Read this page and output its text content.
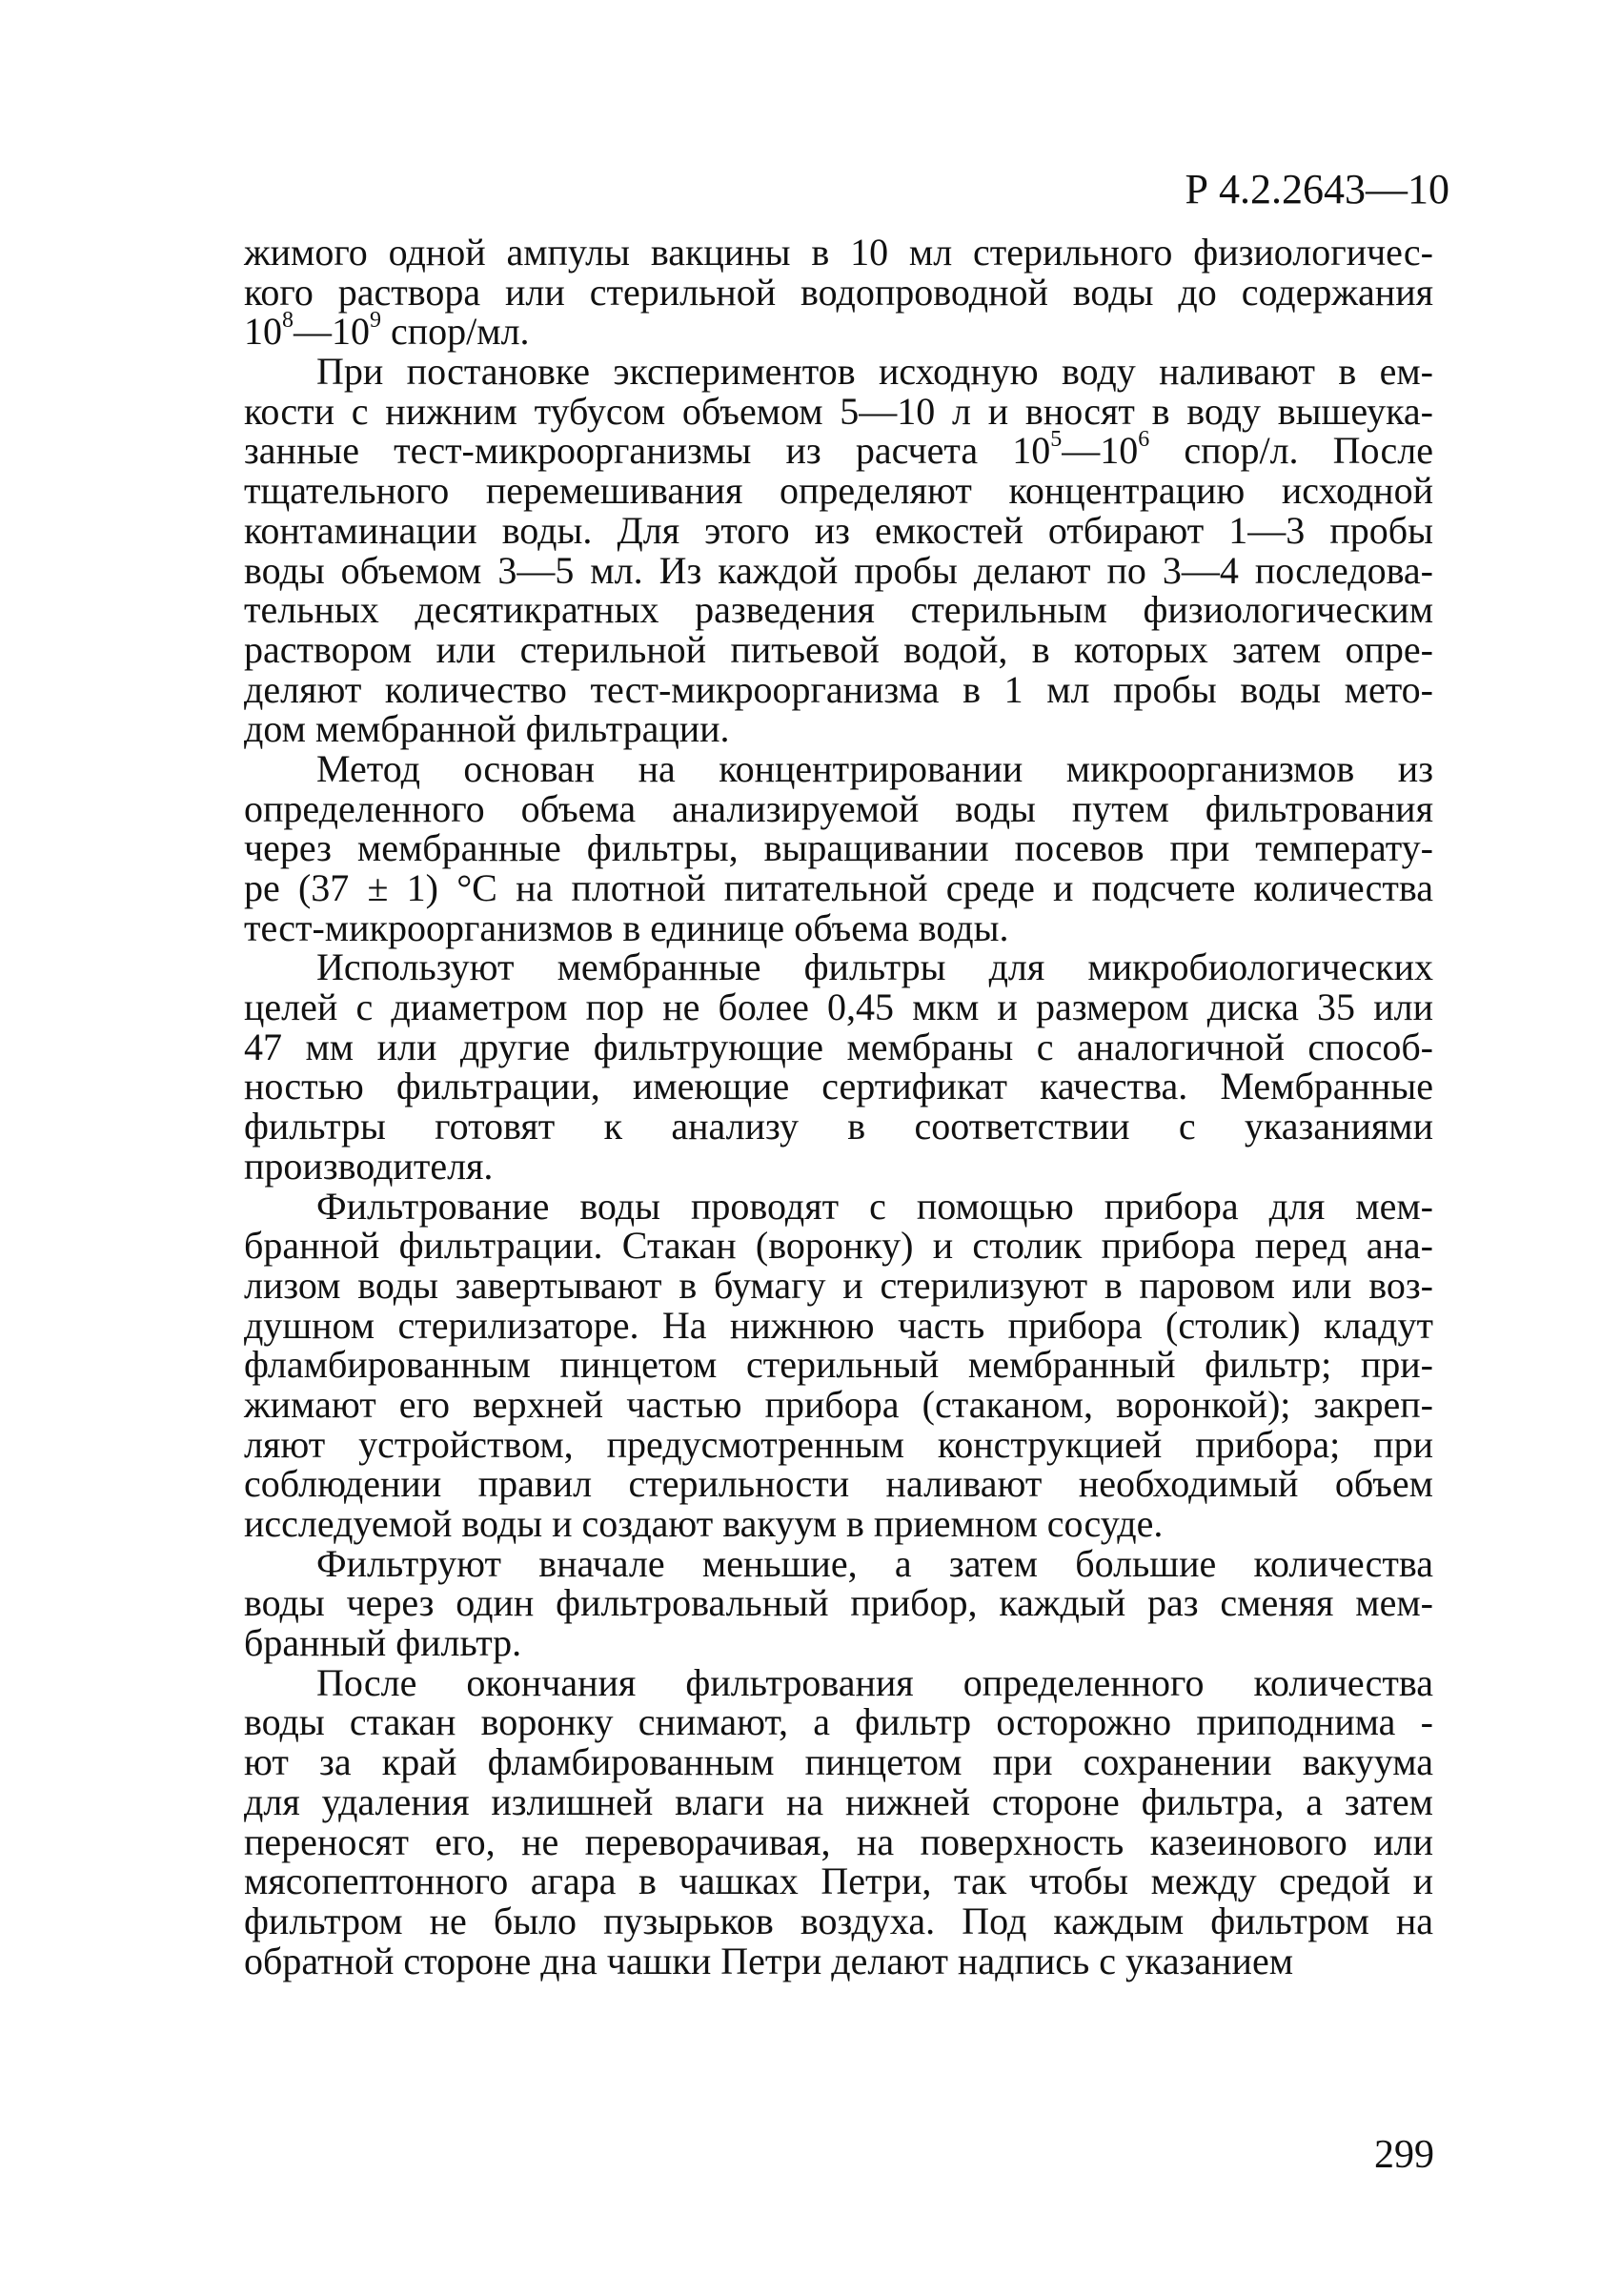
Р 4.2.2643—10
жимого одной ампулы вакцины в 10 мл стерильного физиологичес-
кого раствора или стерильной водопроводной воды до содержания
$10^8—10^9$ спор/мл.
При постановке экспериментов исходную воду наливают в ем-
кости с нижним тубусом объемом 5—10 л и вносят в воду вышеука-
занные тест-микроорганизмы из расчета $10^5—10^6$ спор/л. После
тщательного перемешивания определяют концентрацию исходной
контаминации воды. Для этого из емкостей отбирают 1—3 пробы
воды объемом 3—5 мл. Из каждой пробы делают по 3—4 последова-
тельных десятикратных разведения стерильным физиологическим
раствором или стерильной питьевой водой, в которых затем опре-
деляют количество тест-микроорганизма в 1 мл пробы воды мето-
дом мембранной фильтрации.
Метод основан на концентрировании микроорганизмов из
определенного объема анализируемой воды путем фильтрования
через мембранные фильтры, выращивании посевов при температу-
ре (37 ± 1) °С на плотной питательной среде и подсчете количества
тест-микроорганизмов в единице объема воды.
Используют мембранные фильтры для микробиологических
целей с диаметром пор не более 0,45 мкм и размером диска 35 или
47 мм или другие фильтрующие мембраны с аналогичной способ-
ностью фильтрации, имеющие сертификат качества. Мембранные
фильтры готовят к анализу в соответствии с указаниями
производителя.
Фильтрование воды проводят с помощью прибора для мем-
бранной фильтрации. Стакан (воронку) и столик прибора перед ана-
лизом воды завертывают в бумагу и стерилизуют в паровом или воз-
душном стерилизаторе. На нижнюю часть прибора (столик) кладут
фламбированным пинцетом стерильный мембранный фильтр; при-
жимают его верхней частью прибора (стаканом, воронкой); закреп-
ляют устройством, предусмотренным конструкцией прибора; при
соблюдении правил стерильности наливают необходимый объем
исследуемой воды и создают вакуум в приемном сосуде.
Фильтруют вначале меньшие, а затем большие количества
воды через один фильтровальный прибор, каждый раз сменяя мем-
бранный фильтр.
После окончания фильтрования определенного количества
воды стакан воронку снимают, а фильтр осторожно приподнима -
ют за край фламбированным пинцетом при сохранении вакуума
для удаления излишней влаги на нижней стороне фильтра, а затем
переносят его, не переворачивая, на поверхность казеинового или
мясопептонного агара в чашках Петри, так чтобы между средой и
фильтром не было пузырьков воздуха. Под каждым фильтром на
обратной стороне дна чашки Петри делают надпись с указанием
299
